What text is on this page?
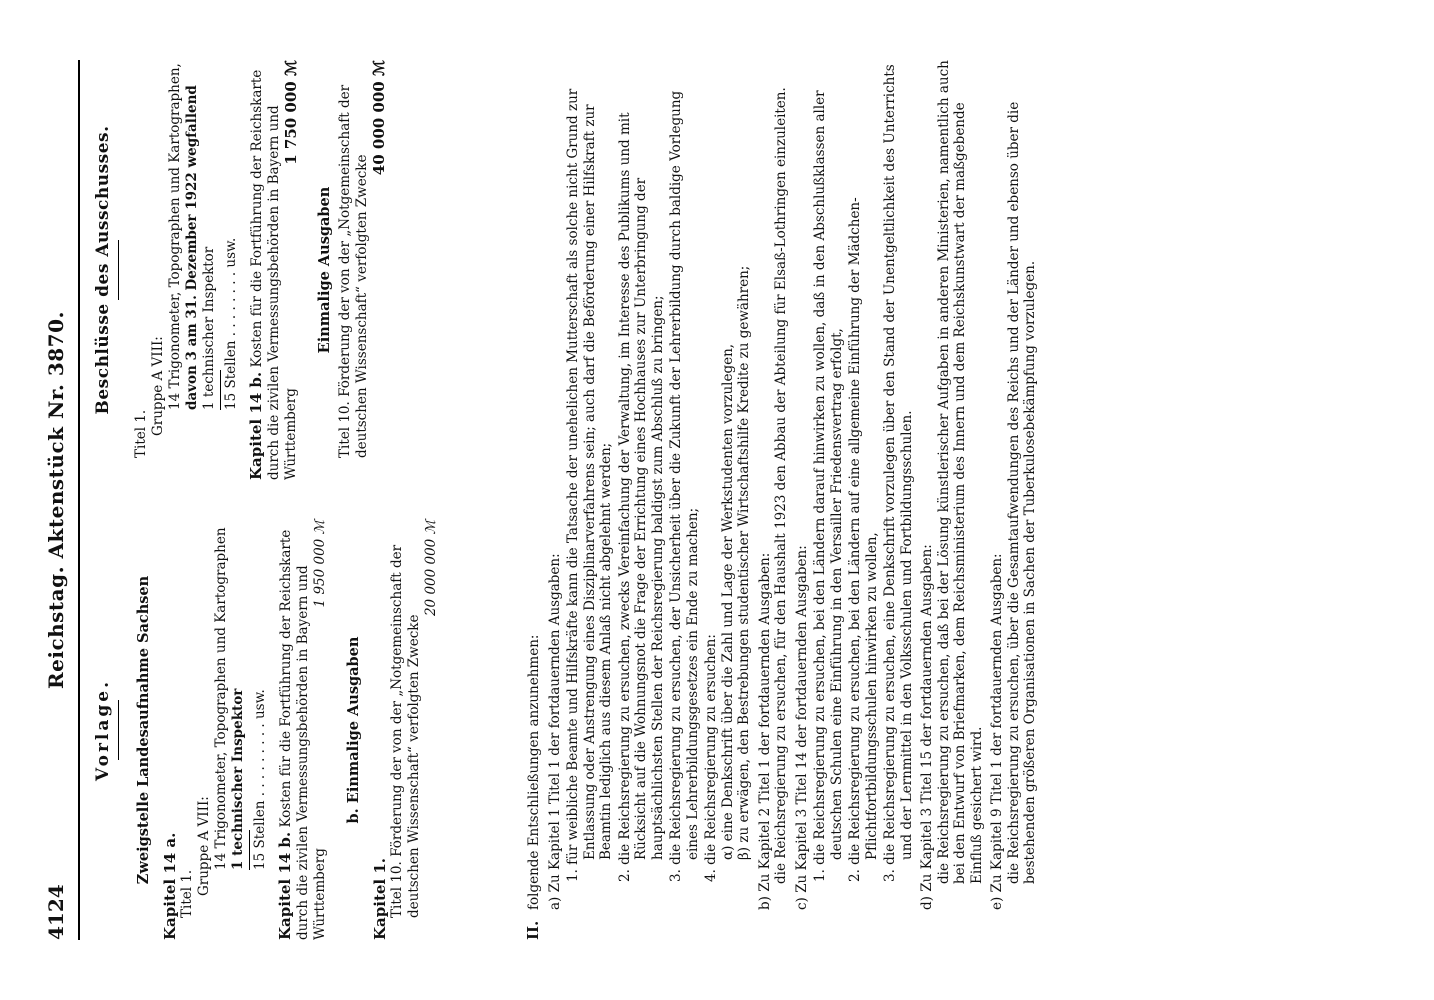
4124
Reichstag. Aktenstück Nr. 3870.
Vorlage. Zweigstelle Landesaufnahme Sachsen
Kapitel 14 a. Titel 1. Gruppe A VIII: 14 Trigonometer, Topographen und Kartographen 1 technischer Inspektor 15 Stellen . . . . . . . . . usw.
Kapitel 14 b. Kosten für die Fortführung der Reichskarte durch die zivilen Vermessungsbehörden in Bayern und Württemberg
1 950 000 ℳ
b. Einmalige Ausgaben
Kapitel 1. Titel 10. Förderung der von der „Notgemeinschaft der deutschen Wissenschaft“ verfolgten Zwecke
20 000 000 ℳ
Beschlüsse des Ausschusses.
Titel 1. Gruppe A VIII: 14 Trigonometer, Topographen und Kartographen, davon 3 am 31. Dezember 1922 wegfallend 1 technischer Inspektor 15 Stellen . . . . . . . . usw.
Kapitel 14 b. Kosten für die Fortführung der Reichskarte durch die zivilen Vermessungsbehörden in Bayern und Württemberg
1 750 000 ℳ
Einmalige Ausgaben Titel 10. Förderung der von der „Notgemeinschaft der deutschen Wissenschaft“ verfolgten Zwecke
40 000 000 ℳ
II.folgende Entschließungen anzunehmen: a) Zu Kapitel 1 Titel 1 der fortdauernden Ausgaben: 1. für weibliche Beamte und Hilfskräfte kann die Tatsache der unehelichen Mutterschaft als solche nicht Grund zur Entlassung oder Anstrengung eines Disziplinarverfahrens sein; auch darf die Beförderung einer Hilfskraft zur Beamtin lediglich aus diesem Anlaß nicht abgelehnt werden; 2. die Reichsregierung zu ersuchen, zwecks Vereinfachung der Verwaltung, im Interesse des Publikums und mit Rücksicht auf die Wohnungsnot die Frage der Errichtung eines Hochhauses zur Unterbringung der hauptsächlichsten Stellen der Reichsregierung baldigst zum Abschluß zu bringen; 3. die Reichsregierung zu ersuchen, der Unsicherheit über die Zukunft der Lehrerbildung durch baldige Vorlegung eines Lehrerbildungsgesetzes ein Ende zu machen; 4. die Reichsregierung zu ersuchen: α) eine Denkschrift über die Zahl und Lage der Werkstudenten vorzulegen, β) zu erwägen, den Bestrebungen studentischer Wirtschaftshilfe Kredite zu gewähren; b) Zu Kapitel 2 Titel 1 der fortdauernden Ausgaben: die Reichsregierung zu ersuchen, für den Haushalt 1923 den Abbau der Abteilung für Elsaß-Lothringen einzuleiten. c) Zu Kapitel 3 Titel 14 der fortdauernden Ausgaben: 1. die Reichsregierung zu ersuchen, bei den Ländern darauf hinwirken zu wollen, daß in den Abschlußklassen aller deutschen Schulen eine Einführung in den Versailler Friedensvertrag erfolgt, 2. die Reichsregierung zu ersuchen, bei den Ländern auf eine allgemeine Einführung der Mädchen-Pflichtfortbildungsschulen hinwirken zu wollen, 3. die Reichsregierung zu ersuchen, eine Denkschrift vorzulegen über den Stand der Unentgeltlichkeit des Unterrichts und der Lernmittel in den Volksschulen und Fortbildungsschulen. d) Zu Kapitel 3 Titel 15 der fortdauernden Ausgaben: die Reichsregierung zu ersuchen, daß bei der Lösung künstlerischer Aufgaben in anderen Ministerien, namentlich auch bei den Entwurf von Briefmarken, dem Reichsministerium des Innern und dem Reichskunstwart der maßgebende Einfluß gesichert wird. e) Zu Kapitel 9 Titel 1 der fortdauernden Ausgaben: die Reichsregierung zu ersuchen, über die Gesamtaufwendungen des Reichs und der Länder und ebenso über die bestehenden größeren Organisationen in Sachen der Tuberkulosebekämpfung vorzulegen.
